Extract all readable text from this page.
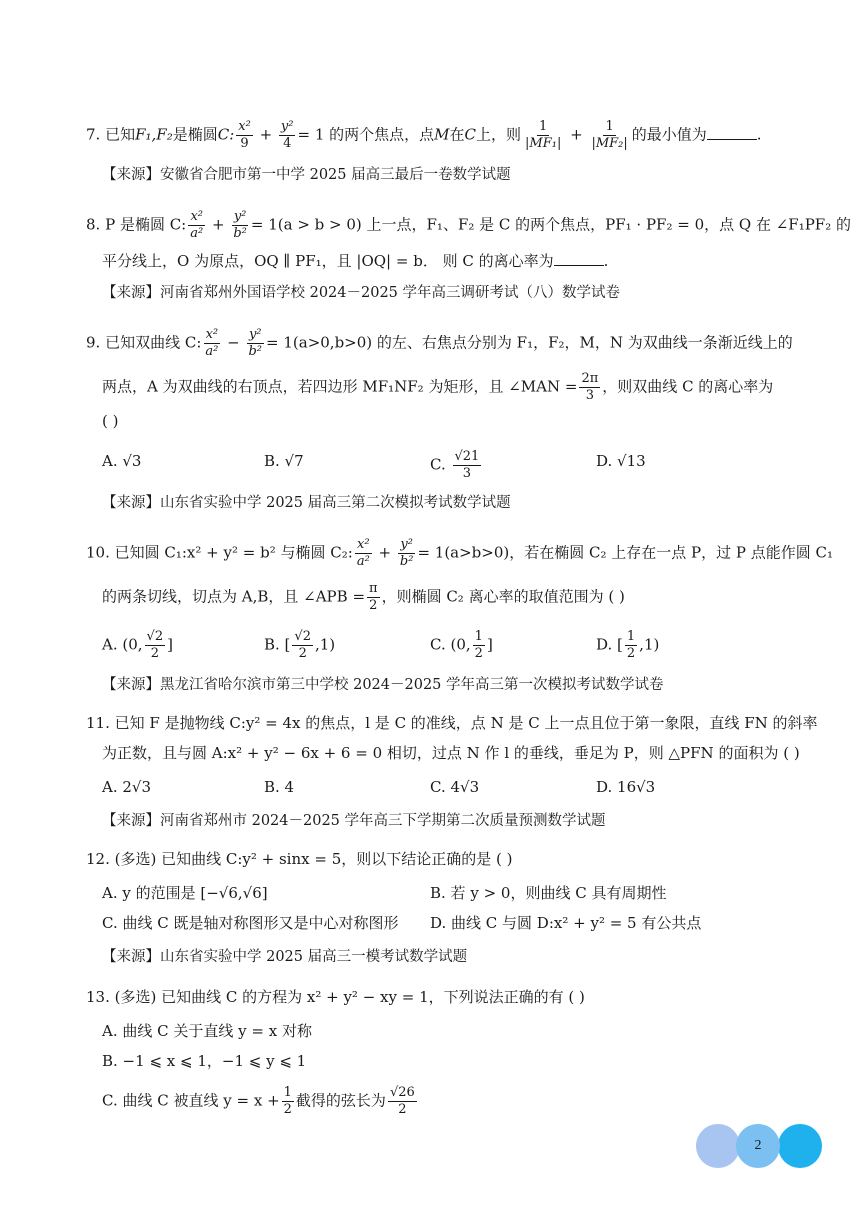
7. 已知F₁,F₂是椭圆C: $\frac{\text{x²}}{9} + \frac{\text{y²}}{4} = 1$ 的两个焦点，点M在C上，则 $\frac{1}{\text{|MF₁|}} + \frac{1}{\text{|MF₂|}}$ 的最小值为	.
【来源】安徽省合肥市第一中学 2025 届高三最后一卷数学试题
8. P 是椭圆 C: $\frac{\text{x²}}{\text{a²}} + \frac{\text{y²}}{\text{b²}} = 1(a > b > 0)$ 上一点，F₁、F₂ 是 C 的两个焦点，PF₁ · PF₂ = 0，点 Q 在 ∠F₁PF₂ 的
平分线上，O 为原点，OQ ∥ PF₁，且 |OQ| = b． 则 C 的离心率为	.
【来源】河南省郑州外国语学校 2024－2025 学年高三调研考试（八）数学试卷
9. 已知双曲线 C: $\frac{\text{x²}}{\text{a²}} - \frac{\text{y²}}{\text{b²}} = 1(a>0,b>0)$ 的左、右焦点分别为 F₁，F₂，M，N 为双曲线一条渐近线上的
两点，A 为双曲线的右顶点，若四边形 MF₁NF₂ 为矩形，且 ∠MAN = $\frac{2\pi}{3}$ ，则双曲线 C 的离心率为
( )
A. √3	B. √7	C. $\frac{√21}{3}$	D. √13
【来源】山东省实验中学 2025 届高三第二次模拟考试数学试题
10. 已知圆 C₁:x² + y² = b² 与椭圆 C₂: $\frac{\text{x²}}{\text{a²}} + \frac{\text{y²}}{\text{b²}} = 1(a>b>0)$，若在椭圆 C₂ 上存在一点 P，过 P 点能作圆 C₁
的两条切线，切点为 A,B，且 ∠APB = $\frac{\pi}{2}$ ，则椭圆 C₂ 离心率的取值范围为 ( )
A. (0, $\frac{√2}{2}$ ]	B. [ $\frac{√2}{2} ,1$)	C. (0, $\frac{1}{2}$ ]	D. [ $\frac{1}{2} ,1$)
【来源】黑龙江省哈尔滨市第三中学校 2024－2025 学年高三第一次模拟考试数学试卷
11. 已知 F 是抛物线 C:y² = 4x 的焦点，l 是 C 的准线，点 N 是 C 上一点且位于第一象限，直线 FN 的斜率
为正数，且与圆 A:x² + y² − 6x + 6 = 0 相切，过点 N 作 l 的垂线，垂足为 P，则 △PFN 的面积为 ( )
A. 2√3	B. 4	C. 4√3	D. 16√3
【来源】河南省郑州市 2024－2025 学年高三下学期第二次质量预测数学试题
12. (多选) 已知曲线 C:y² + sinx = 5，则以下结论正确的是 ( )
A. y 的范围是 [−√6,√6]	B. 若 y > 0，则曲线 C 具有周期性
C. 曲线 C 既是轴对称图形又是中心对称图形 D. 曲线 C 与圆 D:x² + y² = 5 有公共点
【来源】山东省实验中学 2025 届高三一模考试数学试题
13. (多选) 已知曲线 C 的方程为 x² + y² − xy = 1，下列说法正确的有 ( )
A. 曲线 C 关于直线 y = x 对称
B. −1 ⩽ x ⩽ 1，−1 ⩽ y ⩽ 1
C. 曲线 C 被直线 $y = x + \frac{1}{2}$ 截得的弦长为 $\frac{√26}{2}$
2
